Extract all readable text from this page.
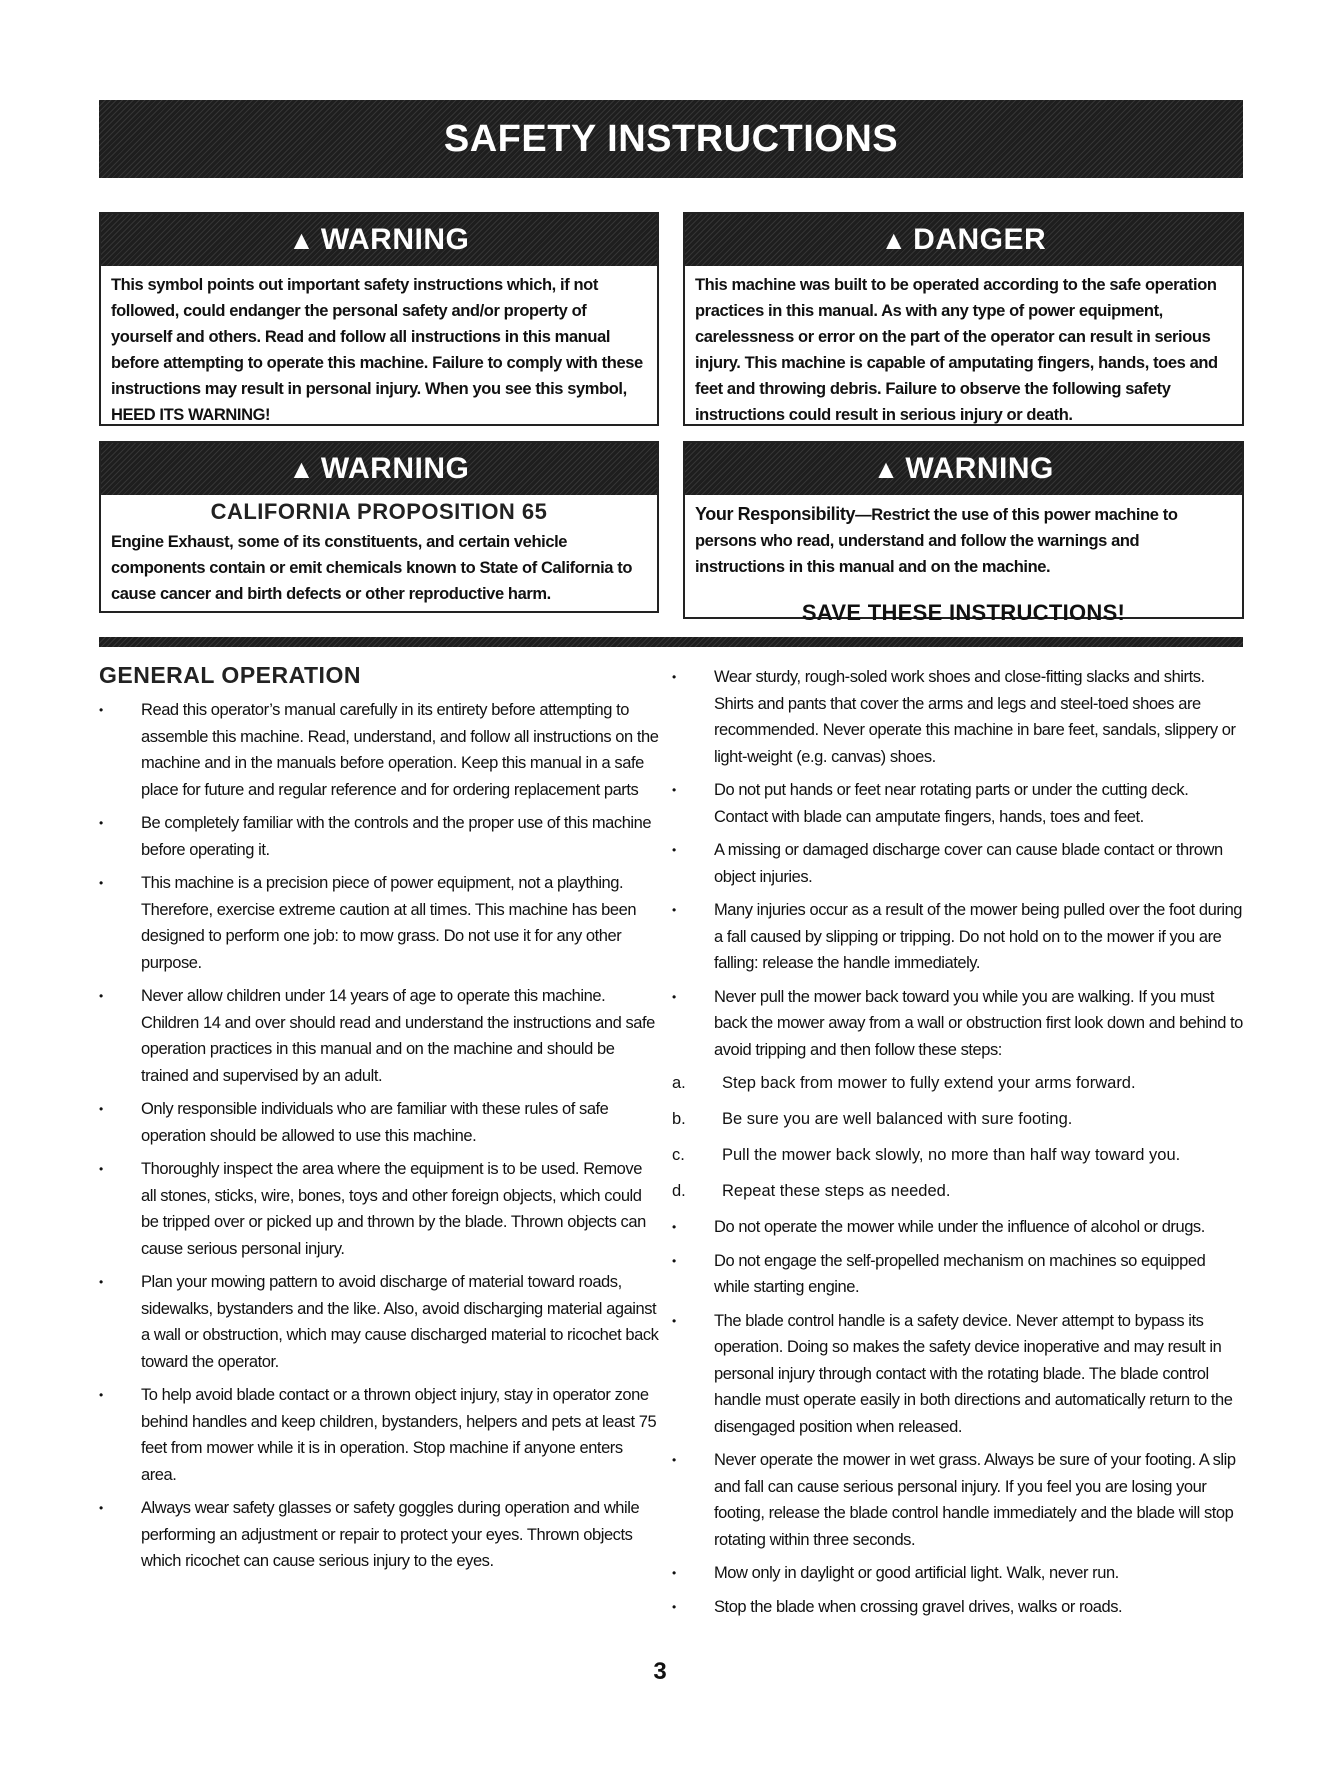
SAFETY INSTRUCTIONS
▲ WARNING
This symbol points out important safety instructions which, if not followed, could endanger the personal safety and/or property of yourself and others. Read and follow all instructions in this manual before attempting to operate this machine. Failure to comply with these instructions may result in personal injury. When you see this symbol, HEED ITS WARNING!
▲ DANGER
This machine was built to be operated according to the safe operation practices in this manual. As with any type of power equipment, carelessness or error on the part of the operator can result in serious injury. This machine is capable of amputating fingers, hands, toes and feet and throwing debris. Failure to observe the following safety instructions could result in serious injury or death.
▲ WARNING
CALIFORNIA PROPOSITION 65
Engine Exhaust, some of its constituents, and certain vehicle components contain or emit chemicals known to State of California to cause cancer and birth defects or other reproductive harm.
▲ WARNING
Your Responsibility—Restrict the use of this power machine to persons who read, understand and follow the warnings and instructions in this manual and on the machine.
SAVE THESE INSTRUCTIONS!
GENERAL OPERATION
• Read this operator’s manual carefully in its entirety before attempting to assemble this machine. Read, understand, and follow all instructions on the machine and in the manuals before operation. Keep this manual in a safe place for future and regular reference and for ordering replacement parts
• Be completely familiar with the controls and the proper use of this machine before operating it.
• This machine is a precision piece of power equipment, not a plaything. Therefore, exercise extreme caution at all times. This machine has been designed to perform one job: to mow grass. Do not use it for any other purpose.
• Never allow children under 14 years of age to operate this machine. Children 14 and over should read and understand the instructions and safe operation practices in this manual and on the machine and should be trained and supervised by an adult.
• Only responsible individuals who are familiar with these rules of safe operation should be allowed to use this machine.
• Thoroughly inspect the area where the equipment is to be used. Remove all stones, sticks, wire, bones, toys and other foreign objects, which could be tripped over or picked up and thrown by the blade. Thrown objects can cause serious personal injury.
• Plan your mowing pattern to avoid discharge of material toward roads, sidewalks, bystanders and the like. Also, avoid discharging material against a wall or obstruction, which may cause discharged material to ricochet back toward the operator.
• To help avoid blade contact or a thrown object injury, stay in operator zone behind handles and keep children, bystanders, helpers and pets at least 75 feet from mower while it is in operation. Stop machine if anyone enters area.
• Always wear safety glasses or safety goggles during operation and while performing an adjustment or repair to protect your eyes. Thrown objects which ricochet can cause serious injury to the eyes.
• Wear sturdy, rough-soled work shoes and close-fitting slacks and shirts. Shirts and pants that cover the arms and legs and steel-toed shoes are recommended. Never operate this machine in bare feet, sandals, slippery or light-weight (e.g. canvas) shoes.
• Do not put hands or feet near rotating parts or under the cutting deck. Contact with blade can amputate fingers, hands, toes and feet.
• A missing or damaged discharge cover can cause blade contact or thrown object injuries.
• Many injuries occur as a result of the mower being pulled over the foot during a fall caused by slipping or tripping. Do not hold on to the mower if you are falling: release the handle immediately.
• Never pull the mower back toward you while you are walking. If you must back the mower away from a wall or obstruction first look down and behind to avoid tripping and then follow these steps:
a. Step back from mower to fully extend your arms forward.
b. Be sure you are well balanced with sure footing.
c. Pull the mower back slowly, no more than half way toward you.
d. Repeat these steps as needed.
• Do not operate the mower while under the influence of alcohol or drugs.
• Do not engage the self-propelled mechanism on machines so equipped while starting engine.
• The blade control handle is a safety device. Never attempt to bypass its operation. Doing so makes the safety device inoperative and may result in personal injury through contact with the rotating blade. The blade control handle must operate easily in both directions and automatically return to the disengaged position when released.
• Never operate the mower in wet grass. Always be sure of your footing. A slip and fall can cause serious personal injury. If you feel you are losing your footing, release the blade control handle immediately and the blade will stop rotating within three seconds.
• Mow only in daylight or good artificial light. Walk, never run.
• Stop the blade when crossing gravel drives, walks or roads.
3
